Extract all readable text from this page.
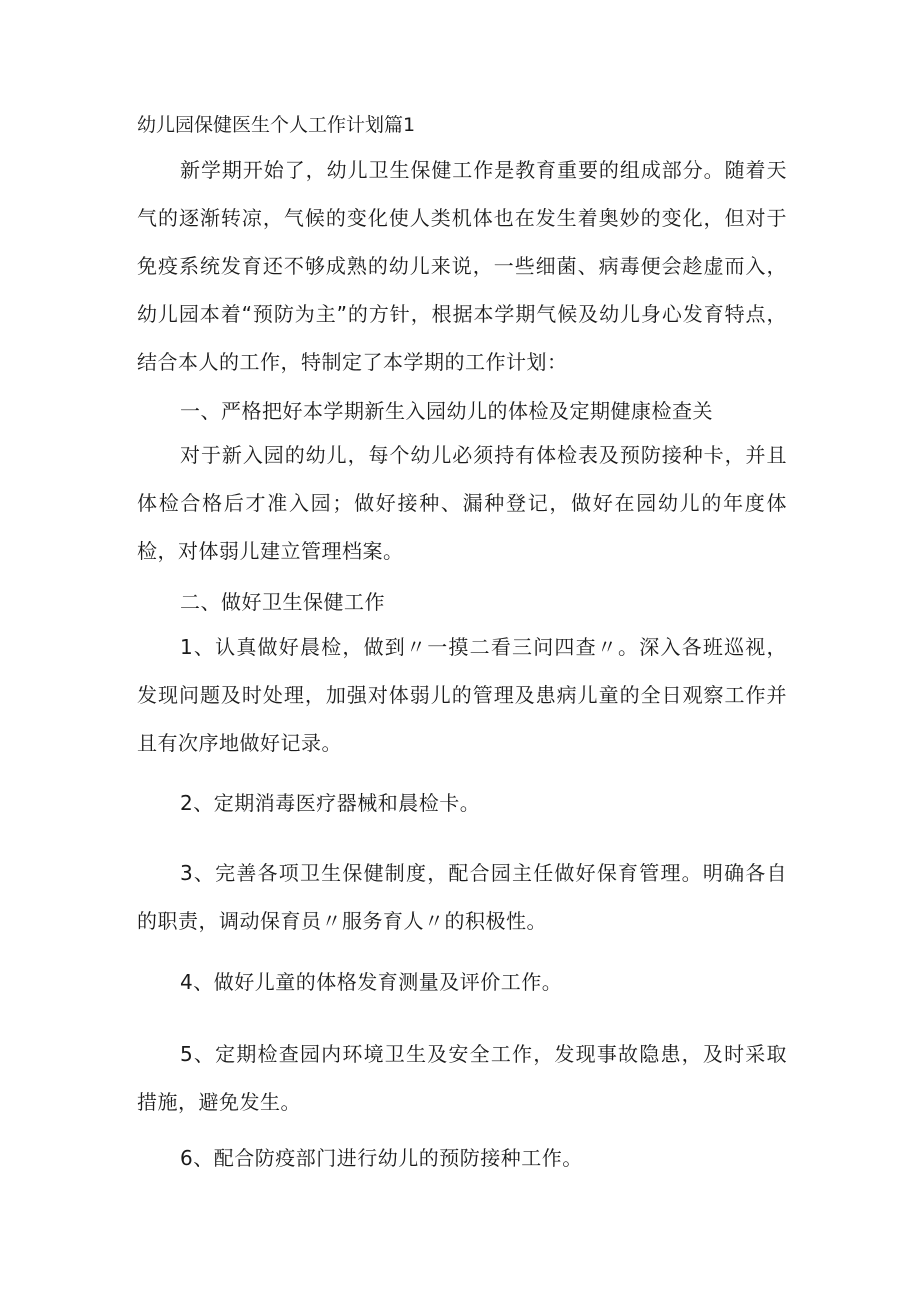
幼儿园保健医生个人工作计划篇1

新学期开始了，幼儿卫生保健工作是教育重要的组成部分。随着天气的逐渐转凉，气候的变化使人类机体也在发生着奥妙的变化，但对于免疫系统发育还不够成熟的幼儿来说，一些细菌、病毒便会趁虚而入，幼儿园本着“预防为主”的方针，根据本学期气候及幼儿身心发育特点，结合本人的工作，特制定了本学期的工作计划：

一、严格把好本学期新生入园幼儿的体检及定期健康检查关

对于新入园的幼儿，每个幼儿必须持有体检表及预防接种卡，并且体检合格后才准入园；做好接种、漏种登记，做好在园幼儿的年度体检，对体弱儿建立管理档案。

二、做好卫生保健工作

1、认真做好晨检，做到〃一摸二看三问四查〃。深入各班巡视，发现问题及时处理，加强对体弱儿的管理及患病儿童的全日观察工作并且有次序地做好记录。

2、定期消毒医疗器械和晨检卡。

3、完善各项卫生保健制度，配合园主任做好保育管理。明确各自的职责，调动保育员〃服务育人〃的积极性。

4、做好儿童的体格发育测量及评价工作。

5、定期检查园内环境卫生及安全工作，发现事故隐患，及时采取措施，避免发生。

6、配合防疫部门进行幼儿的预防接种工作。
